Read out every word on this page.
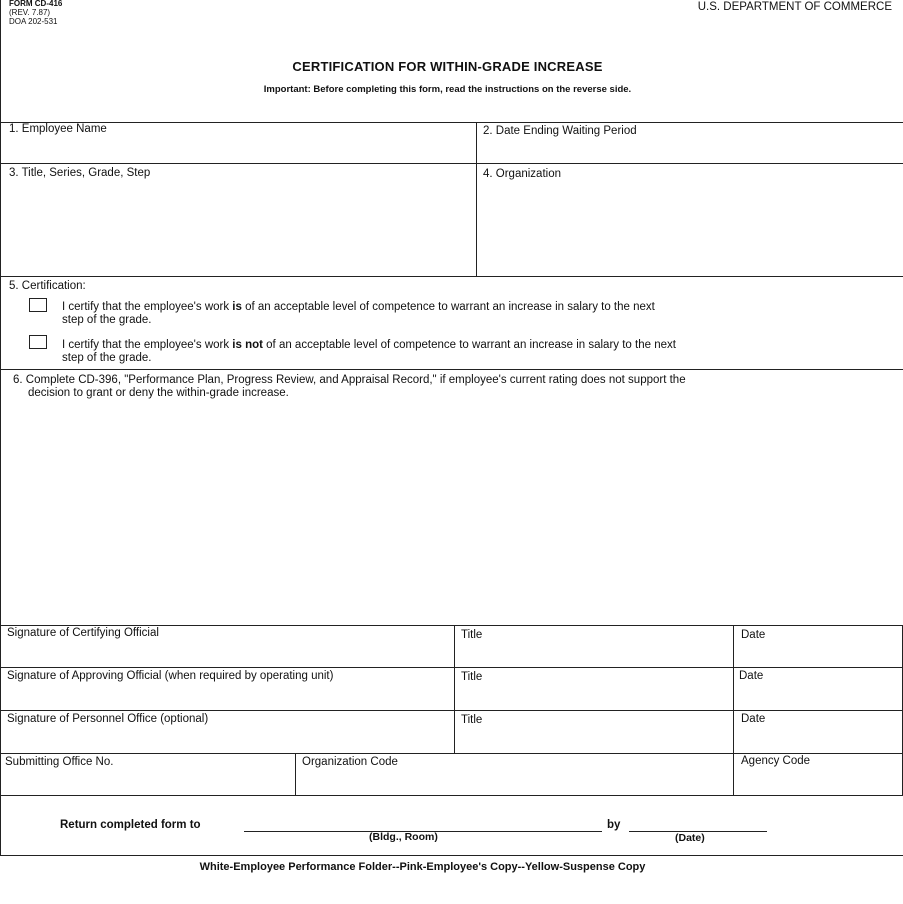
FORM CD-416
(REV. 7.87)
DOA 202-531
U.S. DEPARTMENT OF COMMERCE
CERTIFICATION FOR WITHIN-GRADE INCREASE
Important: Before completing this form, read the instructions on the reverse side.
1. Employee Name	2. Date Ending Waiting Period
3. Title, Series, Grade, Step	4. Organization
5. Certification:
I certify that the employee's work is of an acceptable level of competence to warrant an increase in salary to the next
step of the grade.
I certify that the employee's work is not of an acceptable level of competence to warrant an increase in salary to the next
step of the grade.
6. Complete CD-396, "Performance Plan, Progress Review, and Appraisal Record," if employee's current rating does not support the
decision to grant or deny the within-grade increase.
Signature of Certifying Official	Title	Date
Signature of Approving Official (when required by operating unit)	Title	Date
Signature of Personnel Office (optional)	Title	Date
Submitting Office No.	Organization Code	Agency Code
Return completed form to	by
(Bldg., Room)	(Date)
White-Employee Performance Folder--Pink-Employee's Copy--Yellow-Suspense Copy
